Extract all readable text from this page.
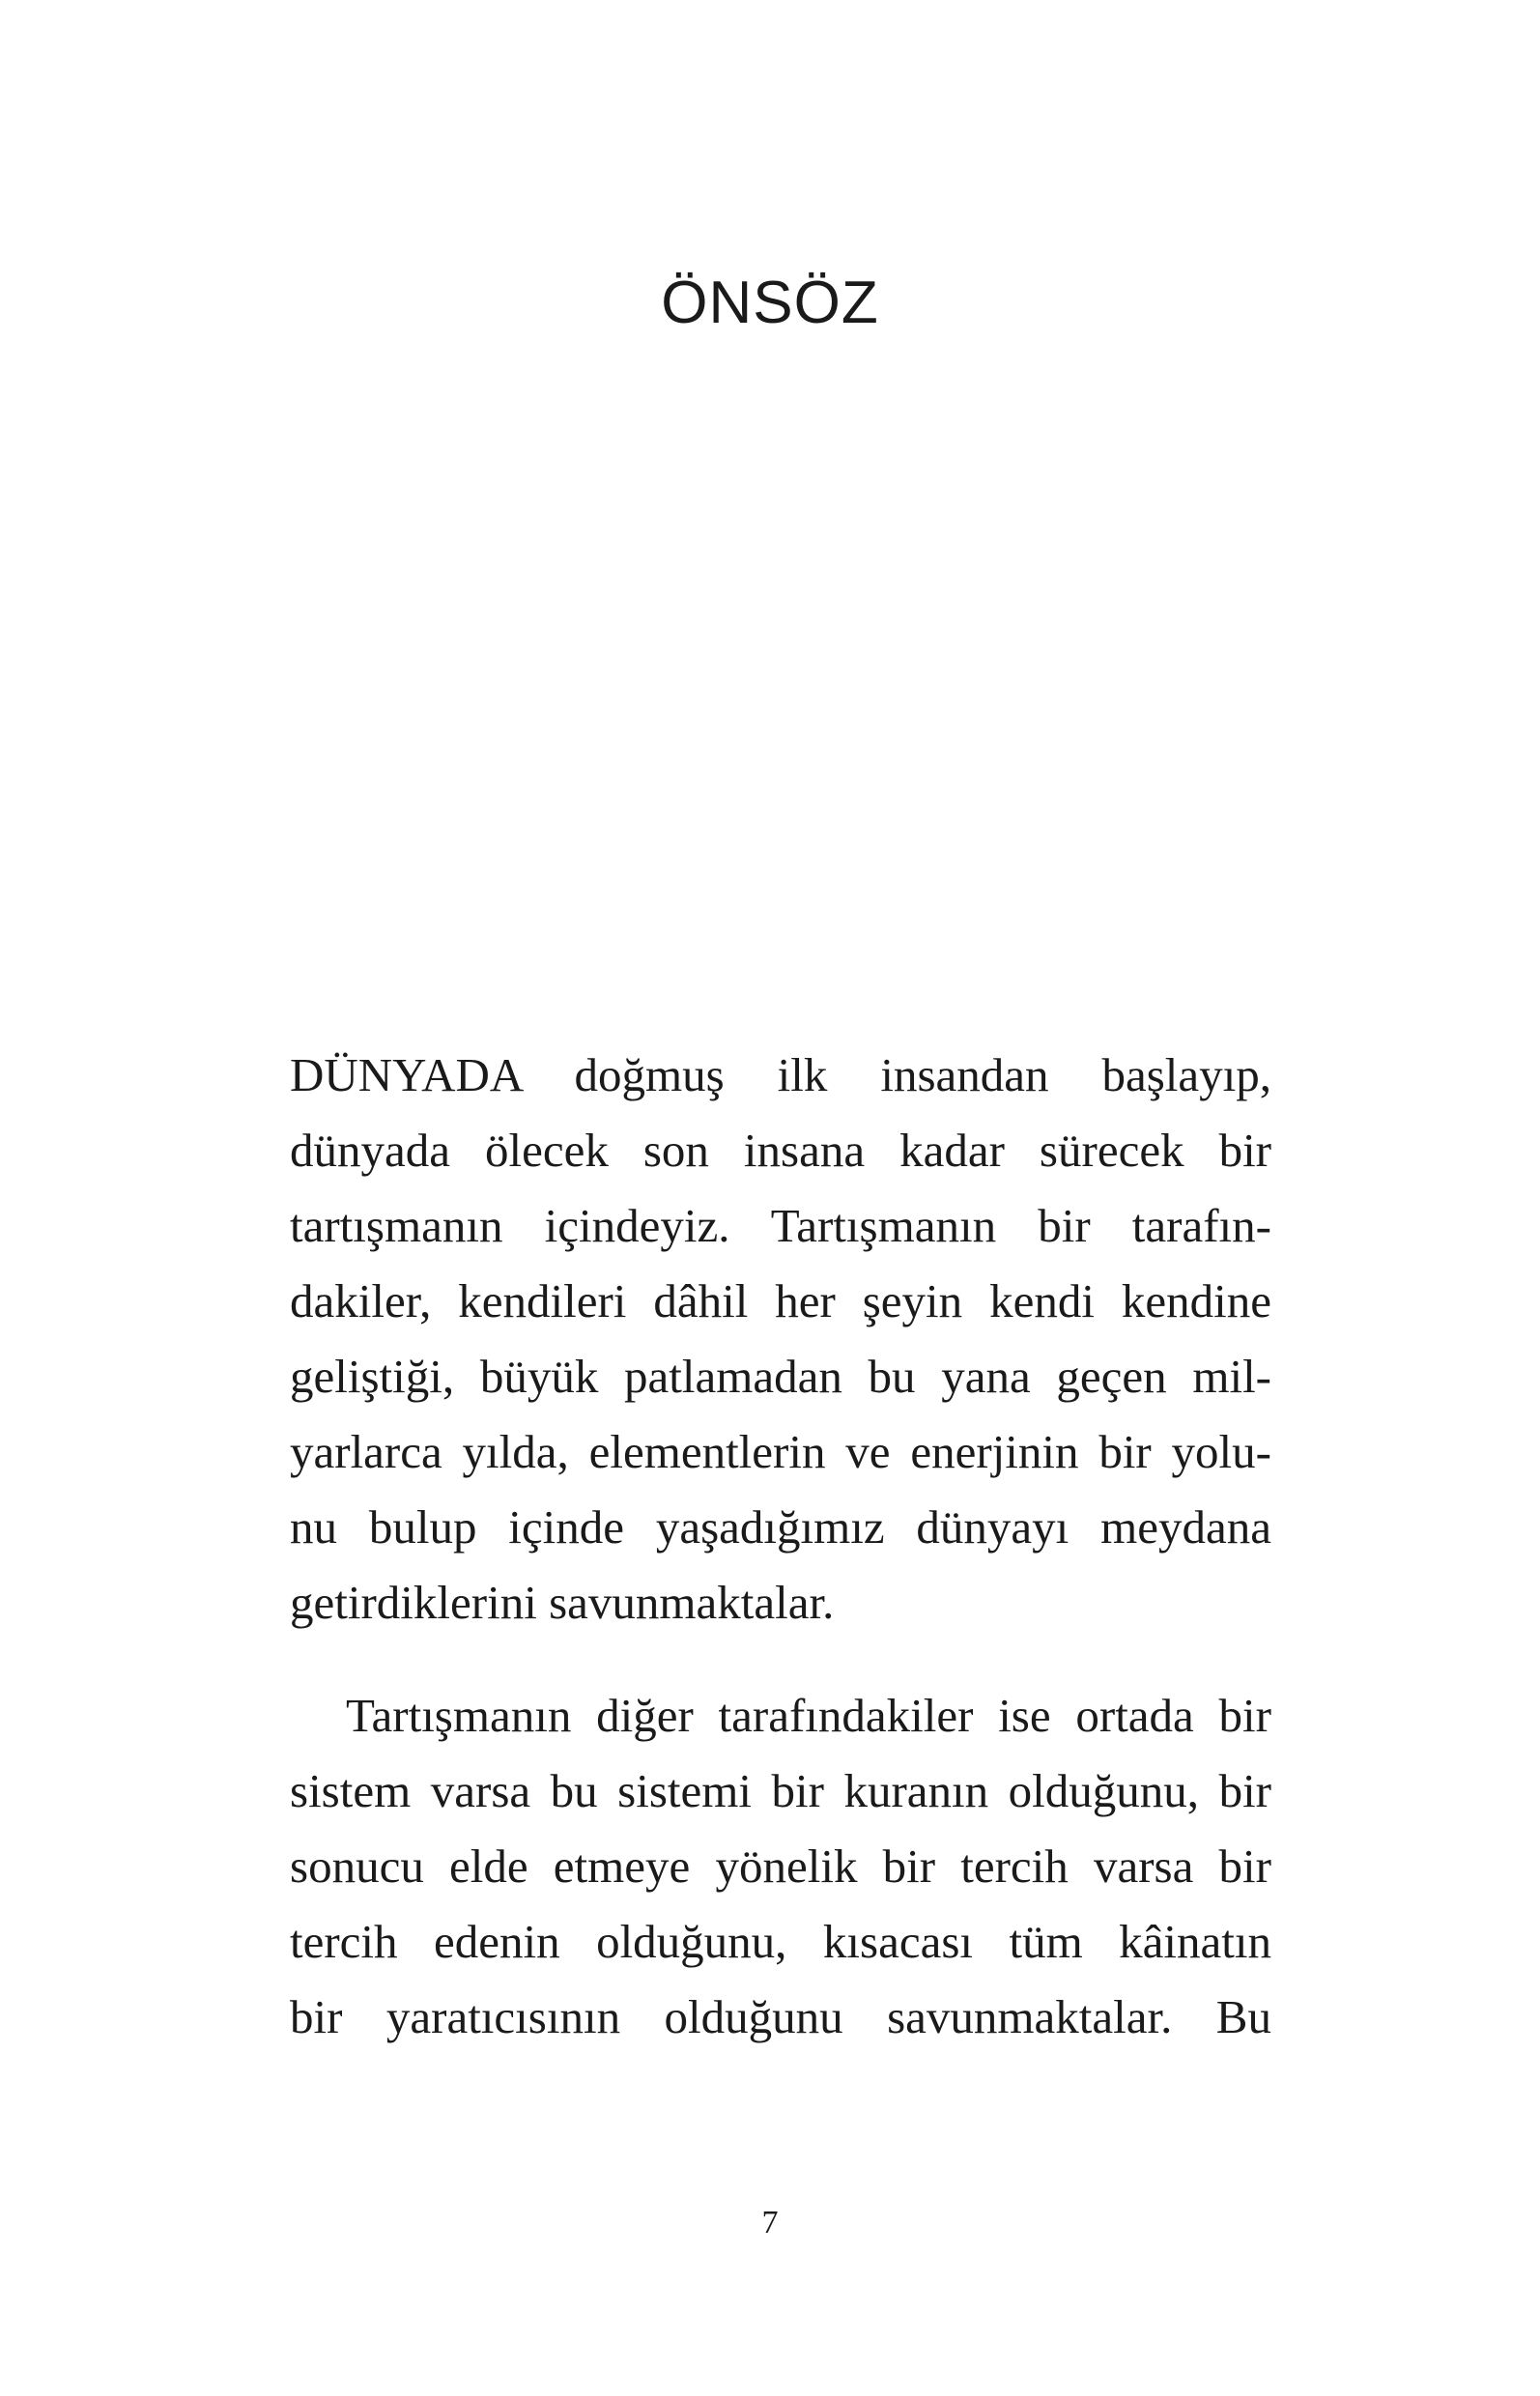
ÖNSÖZ
DÜNYADA doğmuş ilk insandan başlayıp,
dünyada ölecek son insana kadar sürecek bir
tartışmanın içindeyiz. Tartışmanın bir tarafın-
dakiler, kendileri dâhil her şeyin kendi kendine
geliştiği, büyük patlamadan bu yana geçen mil-
yarlarca yılda, elementlerin ve enerjinin bir yolu-
nu bulup içinde yaşadığımız dünyayı meydana
getirdiklerini savunmaktalar.
Tartışmanın diğer tarafındakiler ise ortada bir
sistem varsa bu sistemi bir kuranın olduğunu, bir
sonucu elde etmeye yönelik bir tercih varsa bir
tercih edenin olduğunu, kısacası tüm kâinatın
bir yaratıcısının olduğunu savunmaktalar. Bu
7
